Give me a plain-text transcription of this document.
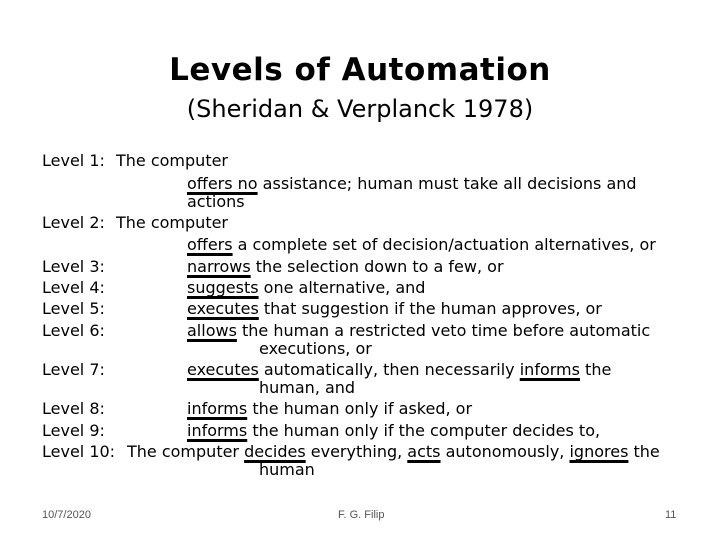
Levels of Automation
(Sheridan & Verplanck 1978)
Level 1: The computer
offers no assistance; human must take all decisions and
actions
Level 2: The computer
offers a complete set of decision/actuation alternatives, or
Level 3:	narrows the selection down to a few, or
Level 4:	suggests one alternative, and
Level 5:	executes that suggestion if the human approves, or
Level 6:	allows the human a restricted veto time before automatic
executions, or
Level 7:	executes automatically, then necessarily informs the
human, and
Level 8:	informs the human only if asked, or
Level 9:	informs the human only if the computer decides to,
Level 10: The computer decides everything, acts autonomously, ignores the
human
10/7/2020	F. G. Filip	11
